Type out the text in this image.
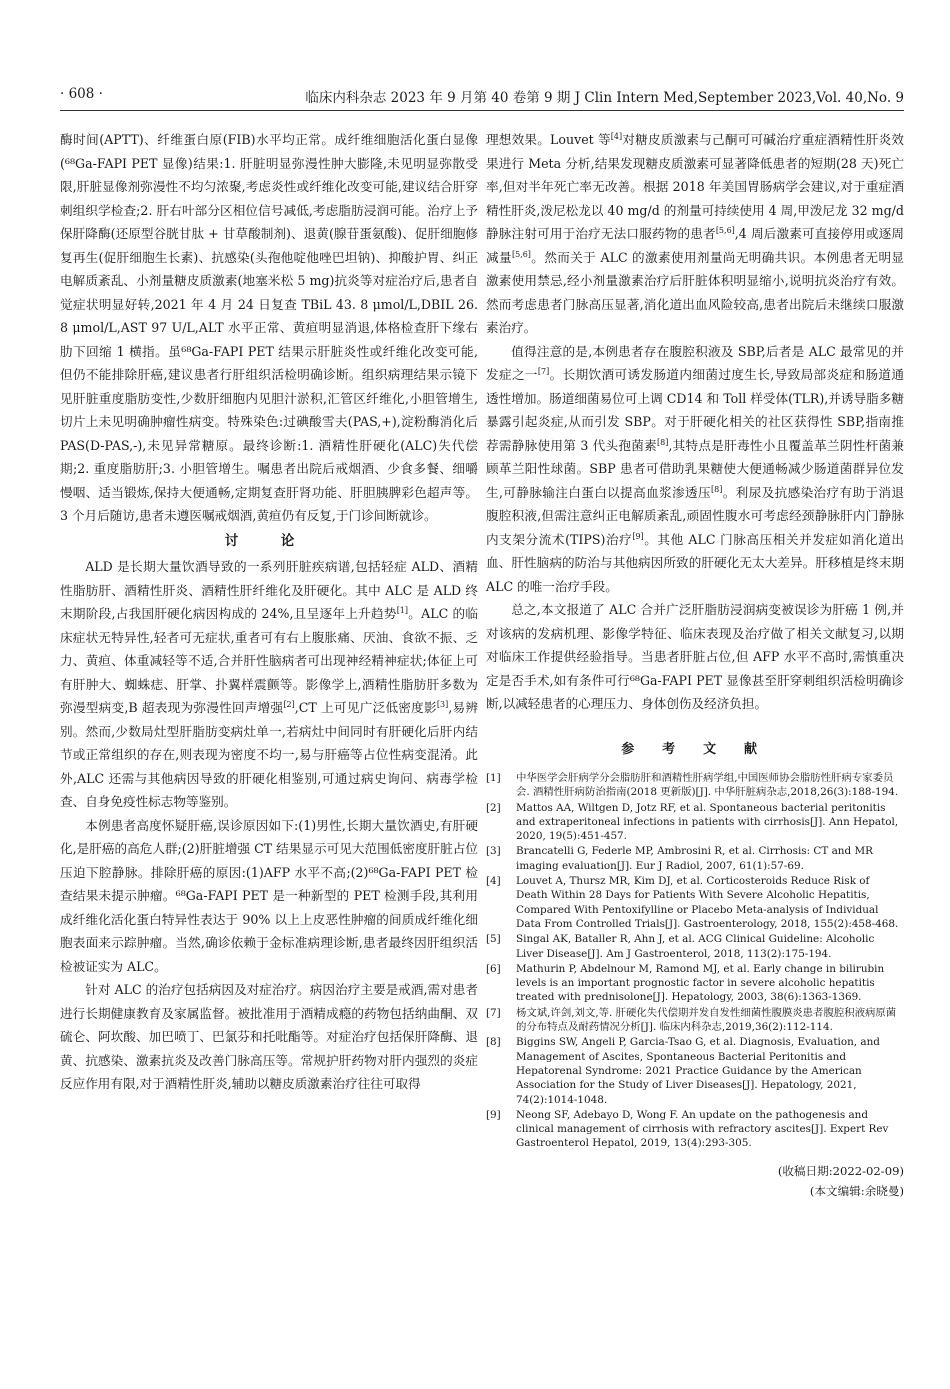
· 608 ·	临床内科杂志 2023 年 9 月第 40 卷第 9 期 J Clin Intern Med,September 2023,Vol. 40,No. 9

酶时间(APTT)、纤维蛋白原(FIB)水平均正常。成纤维细胞活化蛋白显像(⁶⁸Ga-FAPI PET 显像)结果:1. 肝脏明显弥漫性肿大膨隆,未见明显弥散受限,肝脏显像剂弥漫性不均匀浓聚,考虑炎性或纤维化改变可能,建议结合肝穿刺组织学检查;2. 肝右叶部分区相位信号减低,考虑脂肪浸润可能。治疗上予保肝降酶(还原型谷胱甘肽 + 甘草酸制剂)、退黄(腺苷蛋氨酸)、促肝细胞修复再生(促肝细胞生长素)、抗感染(头孢他啶他唑巴坦钠)、抑酸护胃、纠正电解质紊乱、小剂量糖皮质激素(地塞米松 5 mg)抗炎等对症治疗后,患者自觉症状明显好转,2021 年 4 月 24 日复查 TBiL 43. 8 μmol/L,DBIL 26. 8 μmol/L,AST 97 U/L,ALT 水平正常、黄疸明显消退,体格检查肝下缘右肋下回缩 1 横指。虽⁶⁸Ga-FAPI PET 结果示肝脏炎性或纤维化改变可能,但仍不能排除肝癌,建议患者行肝组织活检明确诊断。组织病理结果示镜下见肝脏重度脂肪变性,少数肝细胞内见胆汁淤积,汇管区纤维化,小胆管增生,切片上未见明确肿瘤性病变。特殊染色:过碘酸雪夫(PAS,+),淀粉酶消化后 PAS(D-PAS,-),未见异常糖原。最终诊断:1. 酒精性肝硬化(ALC)失代偿期;2. 重度脂肪肝;3. 小胆管增生。嘱患者出院后戒烟酒、少食多餐、细嚼慢咽、适当锻炼,保持大便通畅,定期复查肝肾功能、肝胆胰脾彩色超声等。3 个月后随访,患者未遵医嘱戒烟酒,黄疸仍有反复,于门诊间断就诊。

讨 论

ALD 是长期大量饮酒导致的一系列肝脏疾病谱,包括轻症 ALD、酒精性脂肪肝、酒精性肝炎、酒精性肝纤维化及肝硬化。其中 ALC 是 ALD 终末期阶段,占我国肝硬化病因构成的 24%,且呈逐年上升趋势[1]。ALC 的临床症状无特异性,轻者可无症状,重者可有右上腹胀痛、厌油、食欲不振、乏力、黄疸、体重减轻等不适,合并肝性脑病者可出现神经精神症状;体征上可有肝肿大、蜘蛛痣、肝掌、扑翼样震颤等。影像学上,酒精性脂肪肝多数为弥漫型病变,B 超表现为弥漫性回声增强[2],CT 上可见广泛低密度影[3],易辨别。然而,少数局灶型肝脂肪变病灶单一,若病灶中间同时有肝硬化后肝内结节或正常组织的存在,则表现为密度不均一,易与肝癌等占位性病变混淆。此外,ALC 还需与其他病因导致的肝硬化相鉴别,可通过病史询问、病毒学检查、自身免疫性标志物等鉴别。

本例患者高度怀疑肝癌,误诊原因如下:(1)男性,长期大量饮酒史,有肝硬化,是肝癌的高危人群;(2)肝脏增强 CT 结果显示可见大范围低密度肝脏占位压迫下腔静脉。排除肝癌的原因:(1)AFP 水平不高;(2)⁶⁸Ga-FAPI PET 检查结果未提示肿瘤。⁶⁸Ga-FAPI PET 是一种新型的 PET 检测手段,其利用成纤维化活化蛋白特异性表达于 90% 以上上皮恶性肿瘤的间质成纤维化细胞表面来示踪肿瘤。当然,确诊依赖于金标准病理诊断,患者最终因肝组织活检被证实为 ALC。

针对 ALC 的治疗包括病因及对症治疗。病因治疗主要是戒酒,需对患者进行长期健康教育及家属监督。被批准用于酒精成瘾的药物包括纳曲酮、双硫仑、阿坎酸、加巴喷丁、巴氯芬和托吡酯等。对症治疗包括保肝降酶、退黄、抗感染、激素抗炎及改善门脉高压等。常规护肝药物对肝内强烈的炎症反应作用有限,对于酒精性肝炎,辅助以糖皮质激素治疗往往可取得

理想效果。Louvet 等[4]对糖皮质激素与己酮可可碱治疗重症酒精性肝炎效果进行 Meta 分析,结果发现糖皮质激素可显著降低患者的短期(28 天)死亡率,但对半年死亡率无改善。根据 2018 年美国胃肠病学会建议,对于重症酒精性肝炎,泼尼松龙以 40 mg/d 的剂量可持续使用 4 周,甲泼尼龙 32 mg/d 静脉注射可用于治疗无法口服药物的患者[5,6],4 周后激素可直接停用或逐周减量[5,6]。然而关于 ALC 的激素使用剂量尚无明确共识。本例患者无明显激素使用禁忌,经小剂量激素治疗后肝脏体积明显缩小,说明抗炎治疗有效。然而考虑患者门脉高压显著,消化道出血风险较高,患者出院后未继续口服激素治疗。

值得注意的是,本例患者存在腹腔积液及 SBP,后者是 ALC 最常见的并发症之一[7]。长期饮酒可诱发肠道内细菌过度生长,导致局部炎症和肠道通透性增加。肠道细菌易位可上调 CD14 和 Toll 样受体(TLR),并诱导脂多糖暴露引起炎症,从而引发 SBP。对于肝硬化相关的社区获得性 SBP,指南推荐需静脉使用第 3 代头孢菌素[8],其特点是肝毒性小且覆盖革兰阴性杆菌兼顾革兰阳性球菌。SBP 患者可借助乳果糖使大便通畅减少肠道菌群异位发生,可静脉输注白蛋白以提高血浆渗透压[8]。利尿及抗感染治疗有助于消退腹腔积液,但需注意纠正电解质紊乱,顽固性腹水可考虑经颈静脉肝内门静脉内支架分流术(TIPS)治疗[9]。其他 ALC 门脉高压相关并发症如消化道出血、肝性脑病的防治与其他病因所致的肝硬化无太大差异。肝移植是终末期 ALC 的唯一治疗手段。

总之,本文报道了 ALC 合并广泛肝脂肪浸润病变被误诊为肝癌 1 例,并对该病的发病机理、影像学特征、临床表现及治疗做了相关文献复习,以期对临床工作提供经验指导。当患者肝脏占位,但 AFP 水平不高时,需慎重决定是否手术,如有条件可行⁶⁸Ga-FAPI PET 显像甚至肝穿刺组织活检明确诊断,以减轻患者的心理压力、身体创伤及经济负担。

参 考 文 献
[1]	中华医学会肝病学分会脂肪肝和酒精性肝病学组,中国医师协会脂肪性肝病专家委员会. 酒精性肝病防治指南(2018 更新版)[J]. 中华肝脏病杂志,2018,26(3):188-194.
[2]	Mattos AA, Wiltgen D, Jotz RF, et al. Spontaneous bacterial peritonitis and extraperitoneal infections in patients with cirrhosis[J]. Ann Hepatol, 2020, 19(5):451-457.
[3]	Brancatelli G, Federle MP, Ambrosini R, et al. Cirrhosis: CT and MR imaging evaluation[J]. Eur J Radiol, 2007, 61(1):57-69.
[4]	Louvet A, Thursz MR, Kim DJ, et al. Corticosteroids Reduce Risk of Death Within 28 Days for Patients With Severe Alcoholic Hepatitis, Compared With Pentoxifylline or Placebo Meta-analysis of Individual Data From Controlled Trials[J]. Gastroenterology, 2018, 155(2):458-468.
[5]	Singal AK, Bataller R, Ahn J, et al. ACG Clinical Guideline: Alcoholic Liver Disease[J]. Am J Gastroenterol, 2018, 113(2):175-194.
[6]	Mathurin P, Abdelnour M, Ramond MJ, et al. Early change in bilirubin levels is an important prognostic factor in severe alcoholic hepatitis treated with prednisolone[J]. Hepatology, 2003, 38(6):1363-1369.
[7]	杨文斌,许剑,刘文,等. 肝硬化失代偿期并发自发性细菌性腹膜炎患者腹腔积液病原菌的分布特点及耐药情况分析[J]. 临床内科杂志,2019,36(2):112-114.
[8]	Biggins SW, Angeli P, Garcia-Tsao G, et al. Diagnosis, Evaluation, and Management of Ascites, Spontaneous Bacterial Peritonitis and Hepatorenal Syndrome: 2021 Practice Guidance by the American Association for the Study of Liver Diseases[J]. Hepatology, 2021, 74(2):1014-1048.
[9]	Neong SF, Adebayo D, Wong F. An update on the pathogenesis and clinical management of cirrhosis with refractory ascites[J]. Expert Rev Gastroenterol Hepatol, 2019, 13(4):293-305.
(收稿日期:2022-02-09)
(本文编辑:余晓曼)
